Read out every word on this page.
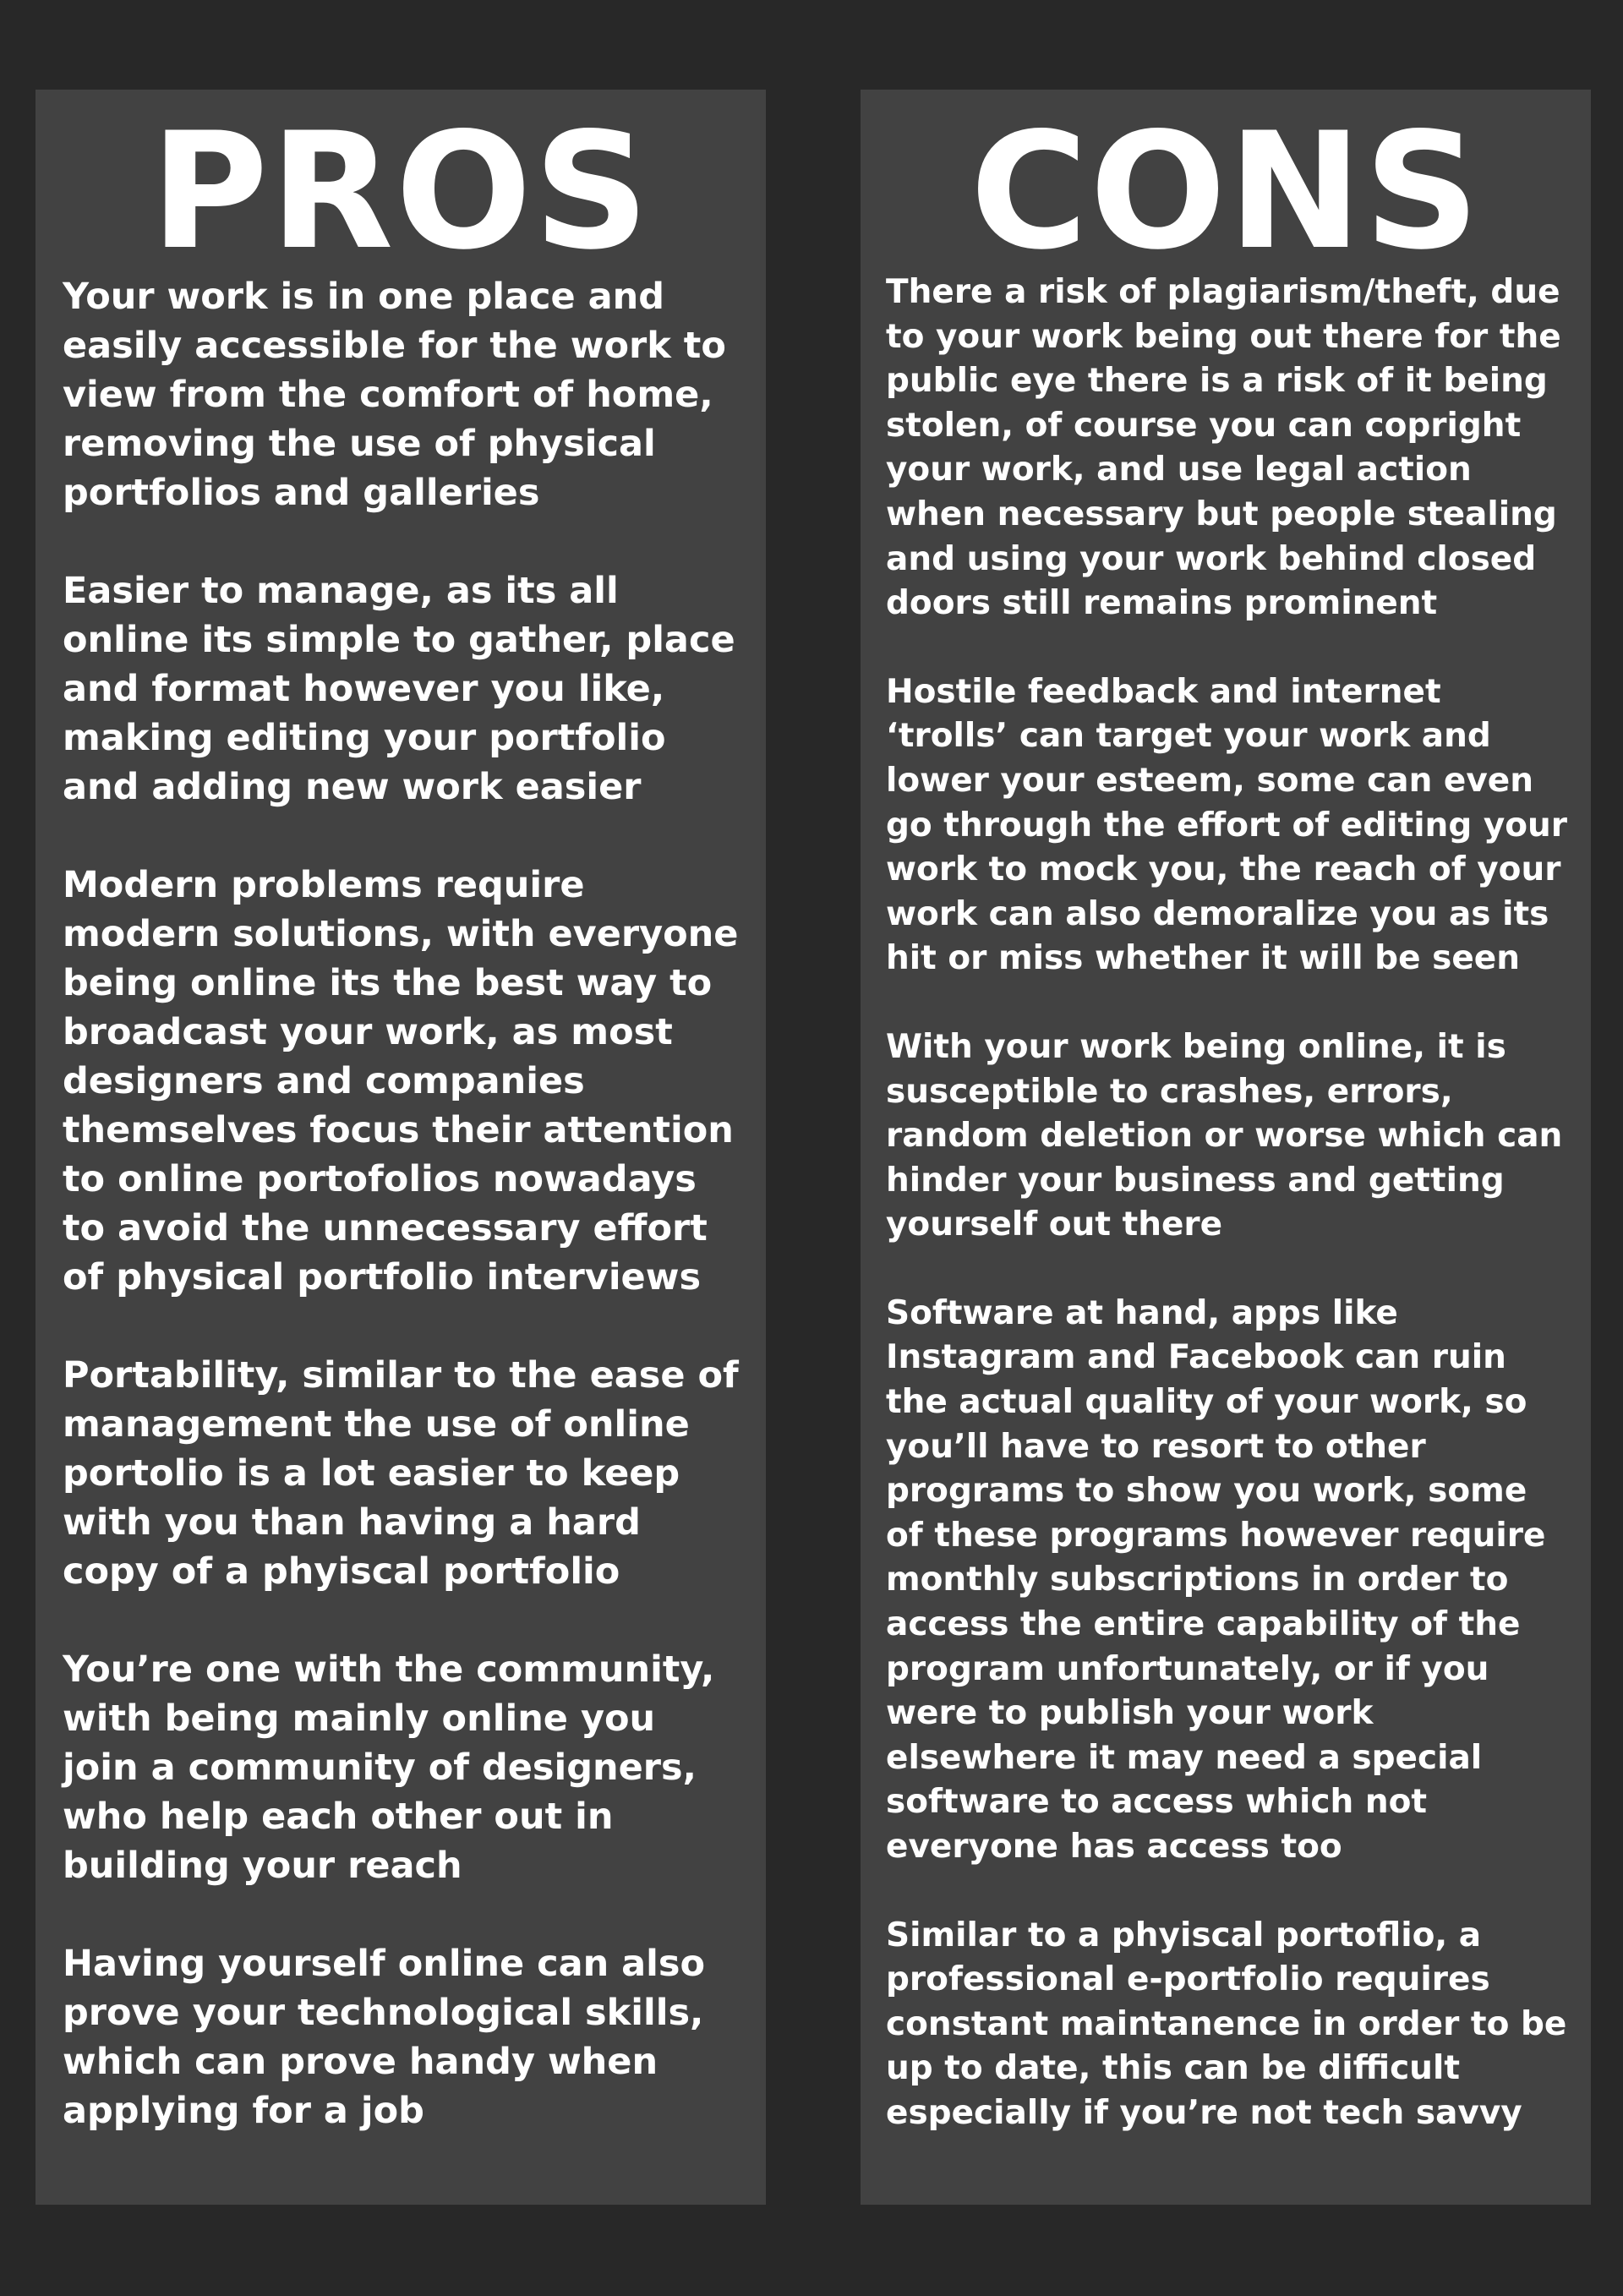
PROS
Your work is in one place and easily accessible for the work to view from the comfort of home, removing the use of physical portfolios and galleries
Easier to manage, as its all online its simple to gather, place and format however you like, making editing your portfolio and adding new work easier
Modern problems require modern solutions, with everyone being online its the best way to broadcast your work, as most designers and companies themselves focus their attention to online portofolios nowadays to avoid the unnecessary effort of physical portfolio interviews
Portability, similar to the ease of management the use of online portolio is a lot easier to keep with you than having a hard copy of a phyiscal portfolio
You’re one with the community, with being mainly online you join a community of designers, who help each other out in building your reach
Having yourself online can also prove your technological skills, which can prove handy when applying for a job
CONS
There a risk of plagiarism/theft, due to your work being out there for the public eye there is a risk of it being stolen, of course you can copright your work, and use legal action when necessary but people stealing and using your work behind closed doors still remains prominent
Hostile feedback and internet ‘trolls’ can target your work and lower your esteem, some can even go through the effort of editing your work to mock you, the reach of your work can also demoralize you as its hit or miss whether it will be seen
With your work being online, it is susceptible to crashes, errors, random deletion or worse which can hinder your business and getting yourself out there
Software at hand, apps like Instagram and Facebook can ruin the actual quality of your work, so you’ll have to resort to other programs to show you work, some of these programs however require monthly subscriptions in order to access the entire capability of the program unfortunately, or if you were to publish your work elsewhere it may need a special software to access which not everyone has access too
Similar to a phyiscal portoflio, a professional e-portfolio requires constant maintanence in order to be up to date, this can be difficult especially if you’re not tech savvy
